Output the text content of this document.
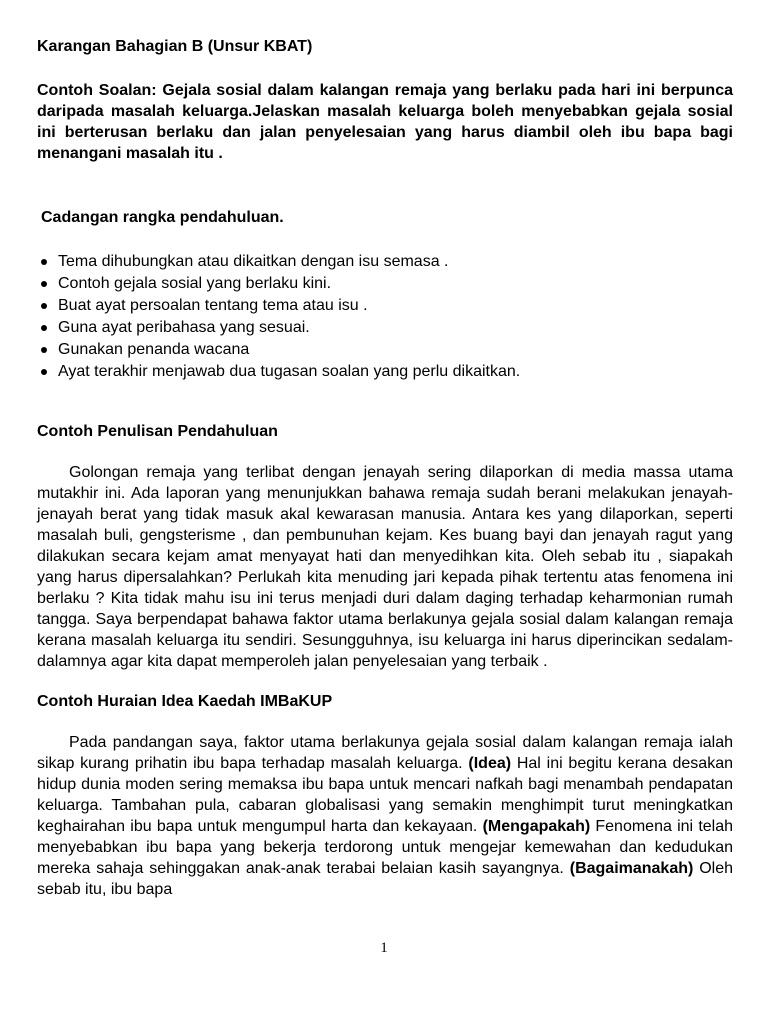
Karangan Bahagian B (Unsur KBAT)

Contoh Soalan: Gejala sosial dalam kalangan remaja yang berlaku pada hari ini berpunca daripada masalah keluarga.Jelaskan masalah keluarga boleh menyebabkan gejala sosial ini berterusan berlaku dan jalan penyelesaian yang harus diambil oleh ibu bapa bagi menangani masalah itu .

Cadangan rangka pendahuluan.

Tema dihubungkan atau dikaitkan dengan isu semasa .
Contoh gejala sosial yang berlaku kini.
Buat ayat persoalan tentang tema atau isu .
Guna ayat peribahasa yang sesuai.
Gunakan penanda wacana
Ayat terakhir menjawab dua tugasan soalan yang perlu dikaitkan.

Contoh Penulisan Pendahuluan

Golongan remaja yang terlibat dengan jenayah sering dilaporkan di media massa utama mutakhir ini. Ada laporan yang menunjukkan bahawa remaja sudah berani melakukan jenayah-jenayah berat yang tidak masuk akal kewarasan manusia. Antara kes yang dilaporkan, seperti masalah buli, gengsterisme , dan pembunuhan kejam. Kes buang bayi dan jenayah ragut yang dilakukan secara kejam amat menyayat hati dan menyedihkan kita. Oleh sebab itu , siapakah yang harus dipersalahkan? Perlukah kita menuding jari kepada pihak tertentu atas fenomena ini berlaku ? Kita tidak mahu isu ini terus menjadi duri dalam daging terhadap keharmonian rumah tangga. Saya berpendapat bahawa faktor utama berlakunya gejala sosial dalam kalangan remaja kerana masalah keluarga itu sendiri. Sesungguhnya, isu keluarga ini harus diperincikan sedalam-dalamnya agar kita dapat memperoleh jalan penyelesaian yang terbaik .

Contoh Huraian Idea Kaedah IMBaKUP

Pada pandangan saya, faktor utama berlakunya gejala sosial dalam kalangan remaja ialah sikap kurang prihatin ibu bapa terhadap masalah keluarga. (Idea) Hal ini begitu kerana desakan hidup dunia moden sering memaksa ibu bapa untuk mencari nafkah bagi menambah pendapatan keluarga. Tambahan pula, cabaran globalisasi yang semakin menghimpit turut meningkatkan keghairahan ibu bapa untuk mengumpul harta dan kekayaan. (Mengapakah) Fenomena ini telah menyebabkan ibu bapa yang bekerja terdorong untuk mengejar kemewahan dan kedudukan mereka sahaja sehinggakan anak-anak terabai belaian kasih sayangnya. (Bagaimanakah) Oleh sebab itu, ibu bapa

1
